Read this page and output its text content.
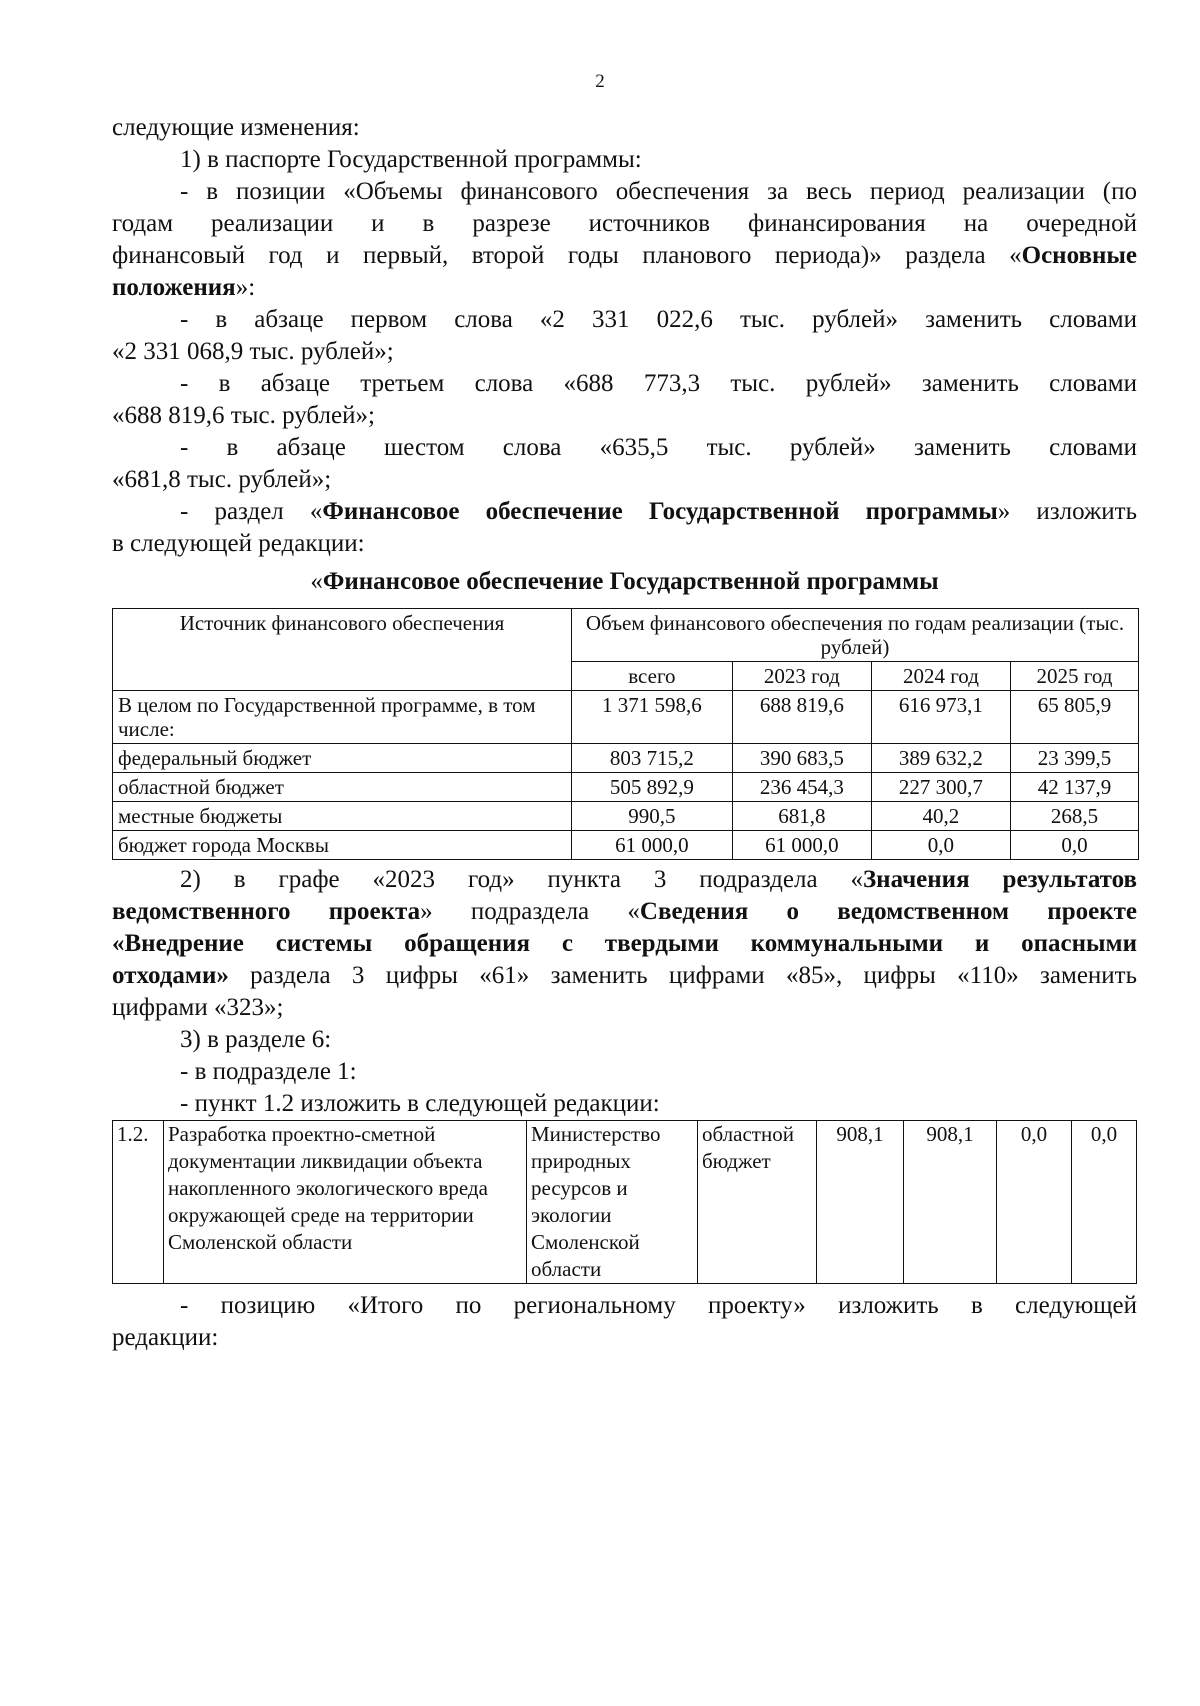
2

следующие изменения:

1) в паспорте Государственной программы:

- в позиции «Объемы финансового обеспечения за весь период реализации (по

годам реализации и в разрезе источников финансирования на очередной

финансовый год и первый, второй годы планового периода)» раздела «Основные

положения»:

- в абзаце первом слова «2 331 022,6 тыс. рублей» заменить словами

«2 331 068,9 тыс. рублей»;

- в абзаце третьем слова «688 773,3 тыс. рублей» заменить словами

«688 819,6 тыс. рублей»;

- в абзаце шестом слова «635,5 тыс. рублей» заменить словами

«681,8 тыс. рублей»;

- раздел «Финансовое обеспечение Государственной программы» изложить

в следующей редакции:

«Финансовое обеспечение Государственной программы

Источник финансового обеспечения	Объем финансового обеспечения по годам реализации (тыс. рублей)			
	всего	2023 год	2024 год	2025 год
В целом по Государственной программе, в том числе:	1 371 598,6	688 819,6	616 973,1	65 805,9
федеральный бюджет	803 715,2	390 683,5	389 632,2	23 399,5
областной бюджет	505 892,9	236 454,3	227 300,7	42 137,9
местные бюджеты	990,5	681,8	40,2	268,5
бюджет города Москвы	61 000,0	61 000,0	0,0	0,0

2) в графе «2023 год» пункта 3 подраздела «Значения результатов

ведомственного проекта» подраздела «Сведения о ведомственном проекте

«Внедрение системы обращения с твердыми коммунальными и опасными

отходами» раздела 3 цифры «61» заменить цифрами «85», цифры «110» заменить

цифрами «323»;

3) в разделе 6:

- в подразделе 1:

- пункт 1.2 изложить в следующей редакции:

1.2.	Разработка проектно-сметной документации ликвидации объекта накопленного экологического вреда окружающей среде на территории Смоленской области	Министерство природных ресурсов и экологии Смоленской области	областной бюджет	908,1	908,1	0,0	0,0

- позицию «Итого по региональному проекту» изложить в следующей

редакции:
